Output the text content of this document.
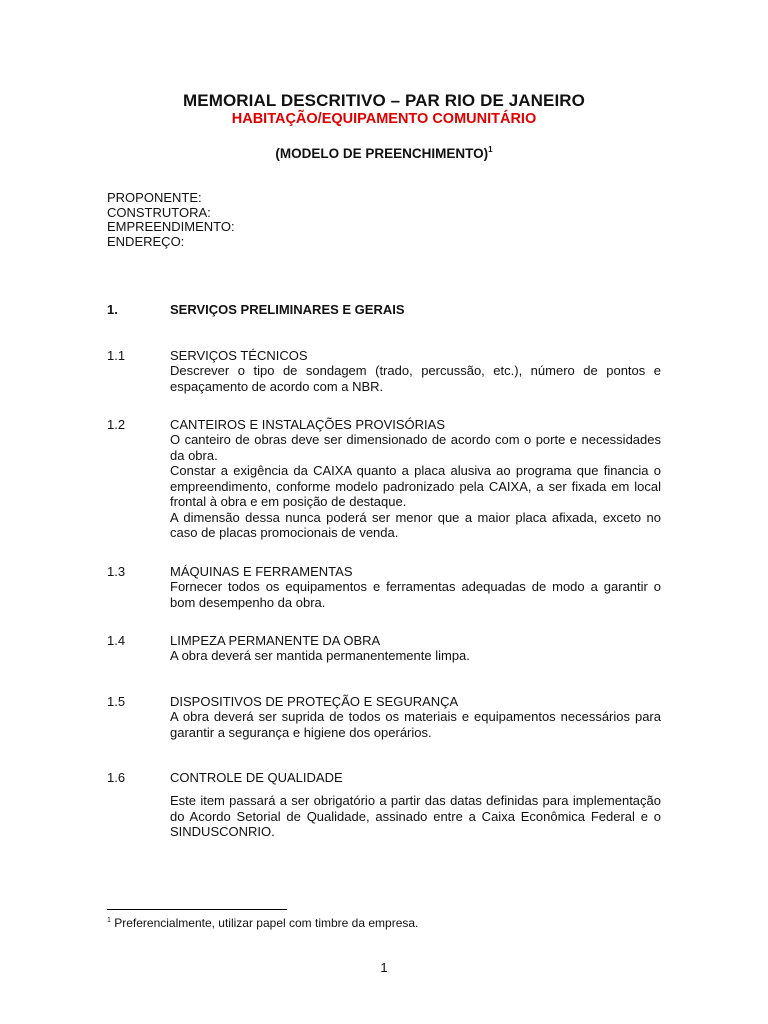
MEMORIAL DESCRITIVO – PAR RIO DE JANEIRO
HABITAÇÃO/EQUIPAMENTO COMUNITÁRIO
(MODELO DE PREENCHIMENTO)$^1$
PROPONENTE:
CONSTRUTORA:
EMPREENDIMENTO:
ENDEREÇO:
1.	SERVIÇOS PRELIMINARES E GERAIS
1.1	SERVIÇOS TÉCNICOS

Descrever o tipo de sondagem (trado, percussão, etc.), número de pontos e espaçamento de acordo com a NBR.

1.2	CANTEIROS E INSTALAÇÕES PROVISÓRIAS

O canteiro de obras deve ser dimensionado de acordo com o porte e necessidades da obra.

Constar a exigência da CAIXA quanto a placa alusiva ao programa que financia o empreendimento, conforme modelo padronizado pela CAIXA, a ser fixada em local frontal à obra e em posição de destaque.

A dimensão dessa nunca poderá ser menor que a maior placa afixada, exceto no caso de placas promocionais de venda.

1.3	MÁQUINAS E FERRAMENTAS

Fornecer todos os equipamentos e ferramentas adequadas de modo a garantir o bom desempenho da obra.

1.4	LIMPEZA PERMANENTE DA OBRA

A obra deverá ser mantida permanentemente limpa.

1.5	DISPOSITIVOS DE PROTEÇÃO E SEGURANÇA

A obra deverá ser suprida de todos os materiais e equipamentos necessários para garantir a segurança e higiene dos operários.

1.6	CONTROLE DE QUALIDADE

Este item passará a ser obrigatório a partir das datas definidas para implementação do Acordo Setorial de Qualidade, assinado entre a Caixa Econômica Federal e o SINDUSCONRIO.

$^1$ Preferencialmente, utilizar papel com timbre da empresa.
1
